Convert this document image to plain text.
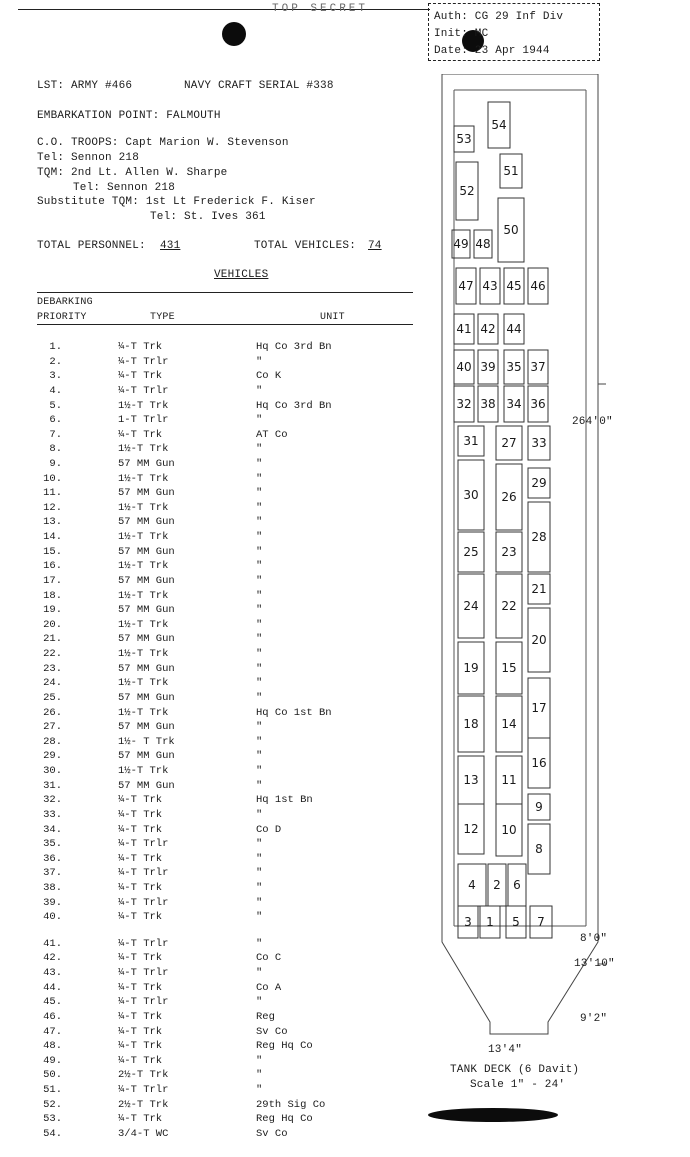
TOP SECRET
Auth: CG 29 Inf Div
Init: MC
Date: 23 Apr 1944
LST: ARMY #466	NAVY CRAFT SERIAL #338
EMBARKATION POINT: FALMOUTH
C.O. TROOPS: Capt Marion W. Stevenson
Tel: Sennon 218
TQM: 2nd Lt. Allen W. Sharpe
Tel: Sennon 218
Substitute TQM: 1st Lt Frederick F. Kiser
Tel: St. Ives 361
TOTAL PERSONNEL: 431	TOTAL VEHICLES: 74
VEHICLES
DEBARKING
PRIORITY	TYPE	UNIT
1.	¼-T Trk	Hq Co 3rd Bn
2.	¼-T Trlr	"
3.	¼-T Trk	Co K
4.	¼-T Trlr	"
5.	1½-T Trk	Hq Co 3rd Bn
6.	1-T Trlr	"
7.	¼-T Trk	AT Co
8.	1½-T Trk	"
9.	57 MM Gun	"
10.	1½-T Trk	"
11.	57 MM Gun	"
12.	1½-T Trk	"
13.	57 MM Gun	"
14.	1½-T Trk	"
15.	57 MM Gun	"
16.	1½-T Trk	"
17.	57 MM Gun	"
18.	1½-T Trk	"
19.	57 MM Gun	"
20.	1½-T Trk	"
21.	57 MM Gun	"
22.	1½-T Trk	"
23.	57 MM Gun	"
24.	1½-T Trk	"
25.	57 MM Gun	"
26.	1½-T Trk	Hq Co 1st Bn
27.	57 MM Gun	"
28.	1½- T Trk	"
29.	57 MM Gun	"
30.	1½-T Trk	"
31.	57 MM Gun	"
32.	¼-T Trk	Hq 1st Bn
33.	¼-T Trk	"
34.	¼-T Trk	Co D
35.	¼-T Trlr	"
36.	¼-T Trk	"
37.	¼-T Trlr	"
38.	¼-T Trk	"
39.	¼-T Trlr	"
40.	¼-T Trk	"
41.	¼-T Trlr	"
42.	¼-T Trk	Co C
43.	¼-T Trlr	"
44.	¼-T Trk	Co A
45.	¼-T Trlr	"
46.	¼-T Trk	Reg
47.	¼-T Trk	Sv Co
48.	¼-T Trk	Reg Hq Co
49.	¼-T Trk	"
50.	2½-T Trk	"
51.	¼-T Trlr	"
52.	2½-T Trk	29th Sig Co
53.	¼-T Trk	Reg Hq Co
54.	3/4-T WC	Sv Co
53
54
51
52
50
49 48
47 43 45 46
41 42 44
40 39 35 37
32 38 34 36
31 27 33
30 26
29
25 23
28
24 22
21
20
19 15
18 14
17
16
13 11
12 10
9
8
4 2 6
3 1 5 7
264'0"
8'0"
13'10"
9'2"
13'4"
TANK DECK (6 Davit)
Scale 1" - 24'
